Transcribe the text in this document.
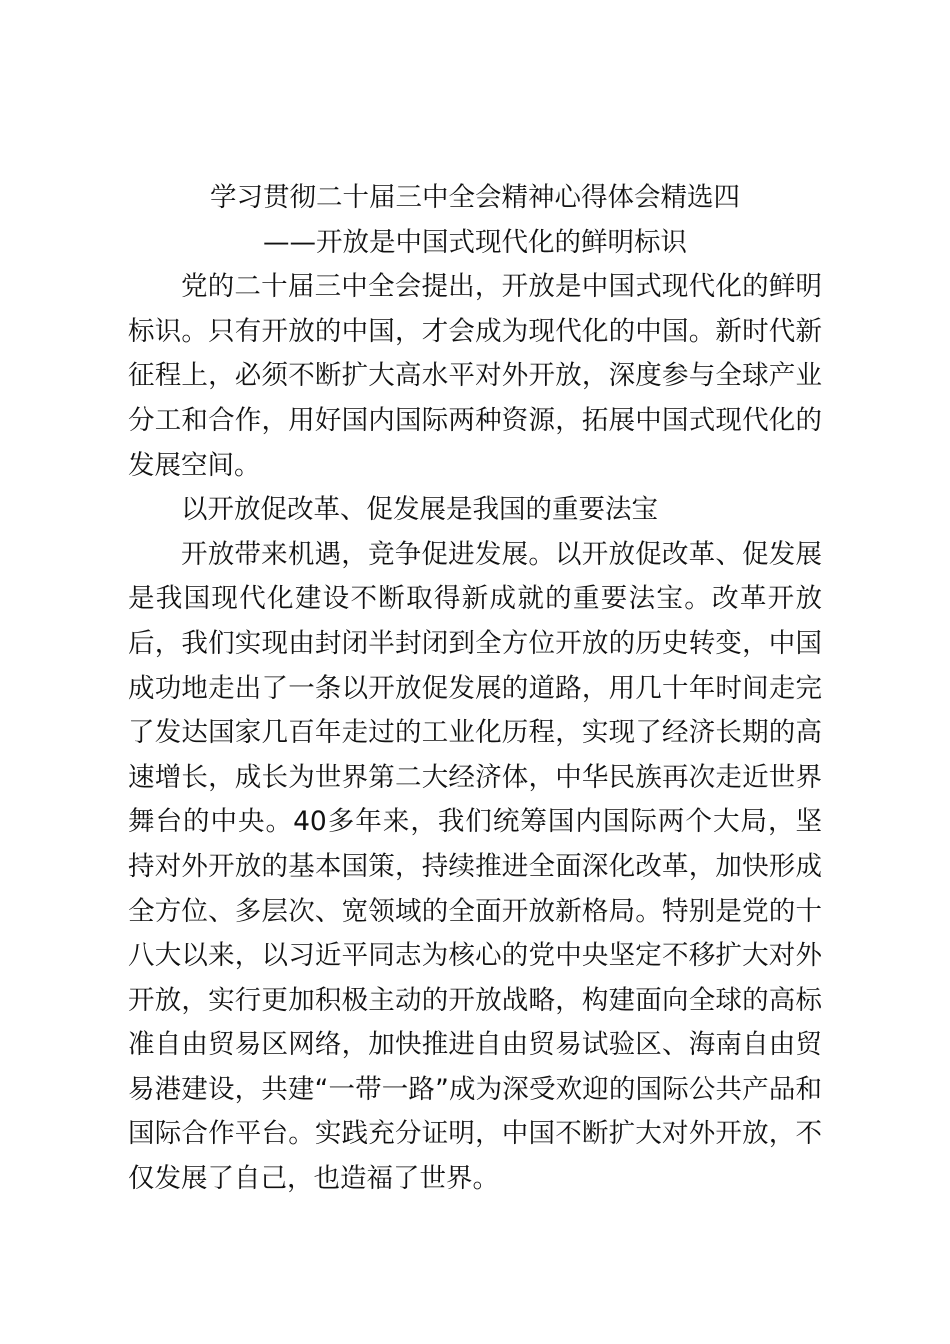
学习贯彻二十届三中全会精神心得体会精选四
——开放是中国式现代化的鲜明标识

党的二十届三中全会提出，开放是中国式现代化的鲜明标识。只有开放的中国，才会成为现代化的中国。新时代新征程上，必须不断扩大高水平对外开放，深度参与全球产业分工和合作，用好国内国际两种资源，拓展中国式现代化的发展空间。

以开放促改革、促发展是我国的重要法宝

开放带来机遇，竞争促进发展。以开放促改革、促发展是我国现代化建设不断取得新成就的重要法宝。改革开放后，我们实现由封闭半封闭到全方位开放的历史转变，中国成功地走出了一条以开放促发展的道路，用几十年时间走完了发达国家几百年走过的工业化历程，实现了经济长期的高速增长，成长为世界第二大经济体，中华民族再次走近世界舞台的中央。40多年来，我们统筹国内国际两个大局，坚持对外开放的基本国策，持续推进全面深化改革，加快形成全方位、多层次、宽领域的全面开放新格局。特别是党的十八大以来，以习近平同志为核心的党中央坚定不移扩大对外开放，实行更加积极主动的开放战略，构建面向全球的高标准自由贸易区网络，加快推进自由贸易试验区、海南自由贸易港建设，共建“一带一路”成为深受欢迎的国际公共产品和国际合作平台。实践充分证明，中国不断扩大对外开放，不仅发展了自己，也造福了世界。
